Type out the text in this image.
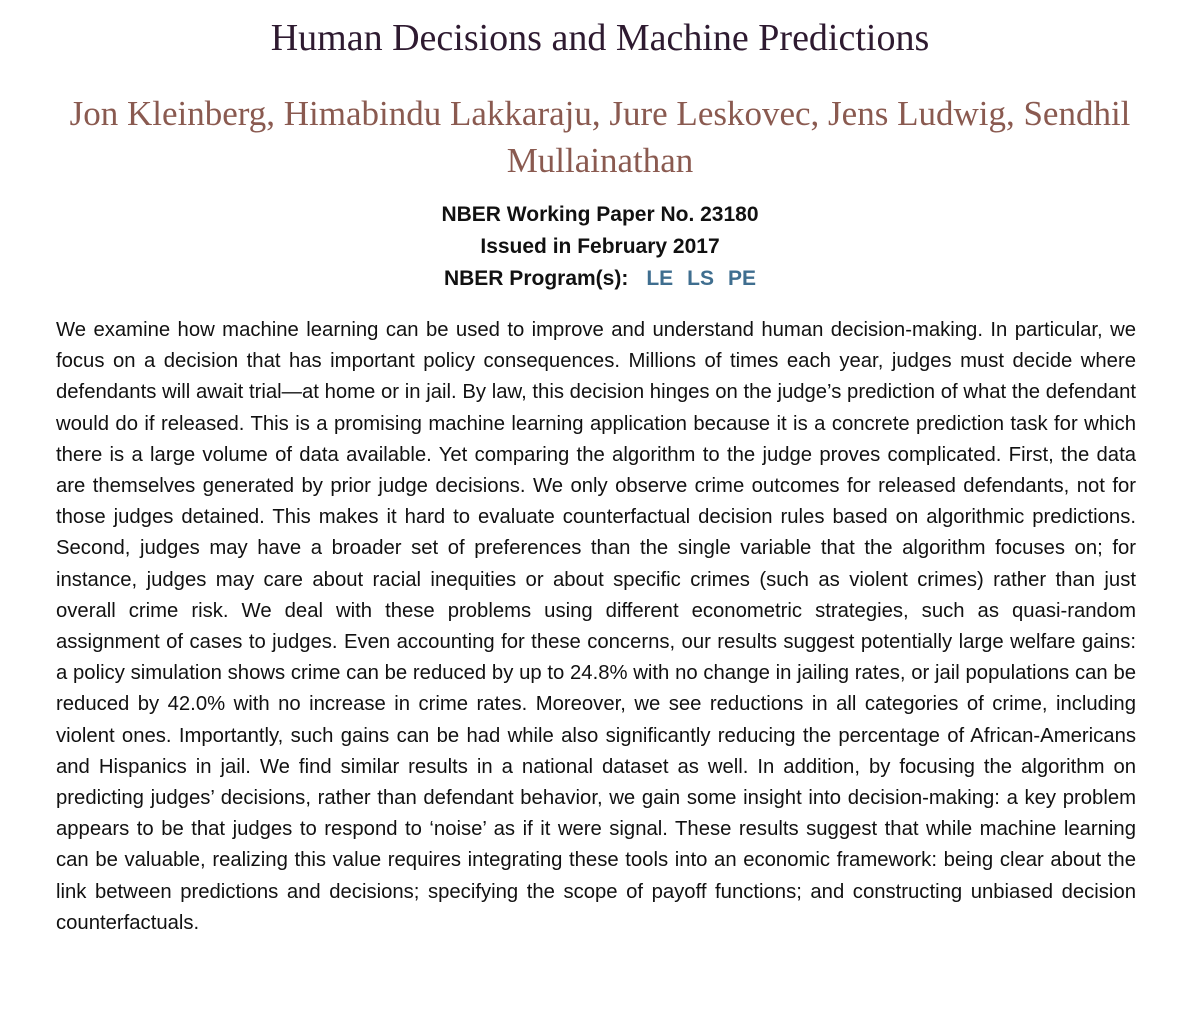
Human Decisions and Machine Predictions
Jon Kleinberg, Himabindu Lakkaraju, Jure Leskovec, Jens Ludwig, Sendhil Mullainathan
NBER Working Paper No. 23180
Issued in February 2017
NBER Program(s): LE LS PE

We examine how machine learning can be used to improve and understand human decision-making. In particular, we focus on a decision that has important policy consequences. Millions of times each year, judges must decide where defendants will await trial—at home or in jail. By law, this decision hinges on the judge’s prediction of what the defendant would do if released. This is a promising machine learning application because it is a concrete prediction task for which there is a large volume of data available. Yet comparing the algorithm to the judge proves complicated. First, the data are themselves generated by prior judge decisions. We only observe crime outcomes for released defendants, not for those judges detained. This makes it hard to evaluate counterfactual decision rules based on algorithmic predictions. Second, judges may have a broader set of preferences than the single variable that the algorithm focuses on; for instance, judges may care about racial inequities or about specific crimes (such as violent crimes) rather than just overall crime risk. We deal with these problems using different econometric strategies, such as quasi-random assignment of cases to judges. Even accounting for these concerns, our results suggest potentially large welfare gains: a policy simulation shows crime can be reduced by up to 24.8% with no change in jailing rates, or jail populations can be reduced by 42.0% with no increase in crime rates. Moreover, we see reductions in all categories of crime, including violent ones. Importantly, such gains can be had while also significantly reducing the percentage of African-Americans and Hispanics in jail. We find similar results in a national dataset as well. In addition, by focusing the algorithm on predicting judges’ decisions, rather than defendant behavior, we gain some insight into decision-making: a key problem appears to be that judges to respond to ‘noise’ as if it were signal. These results suggest that while machine learning can be valuable, realizing this value requires integrating these tools into an economic framework: being clear about the link between predictions and decisions; specifying the scope of payoff functions; and constructing unbiased decision counterfactuals.
